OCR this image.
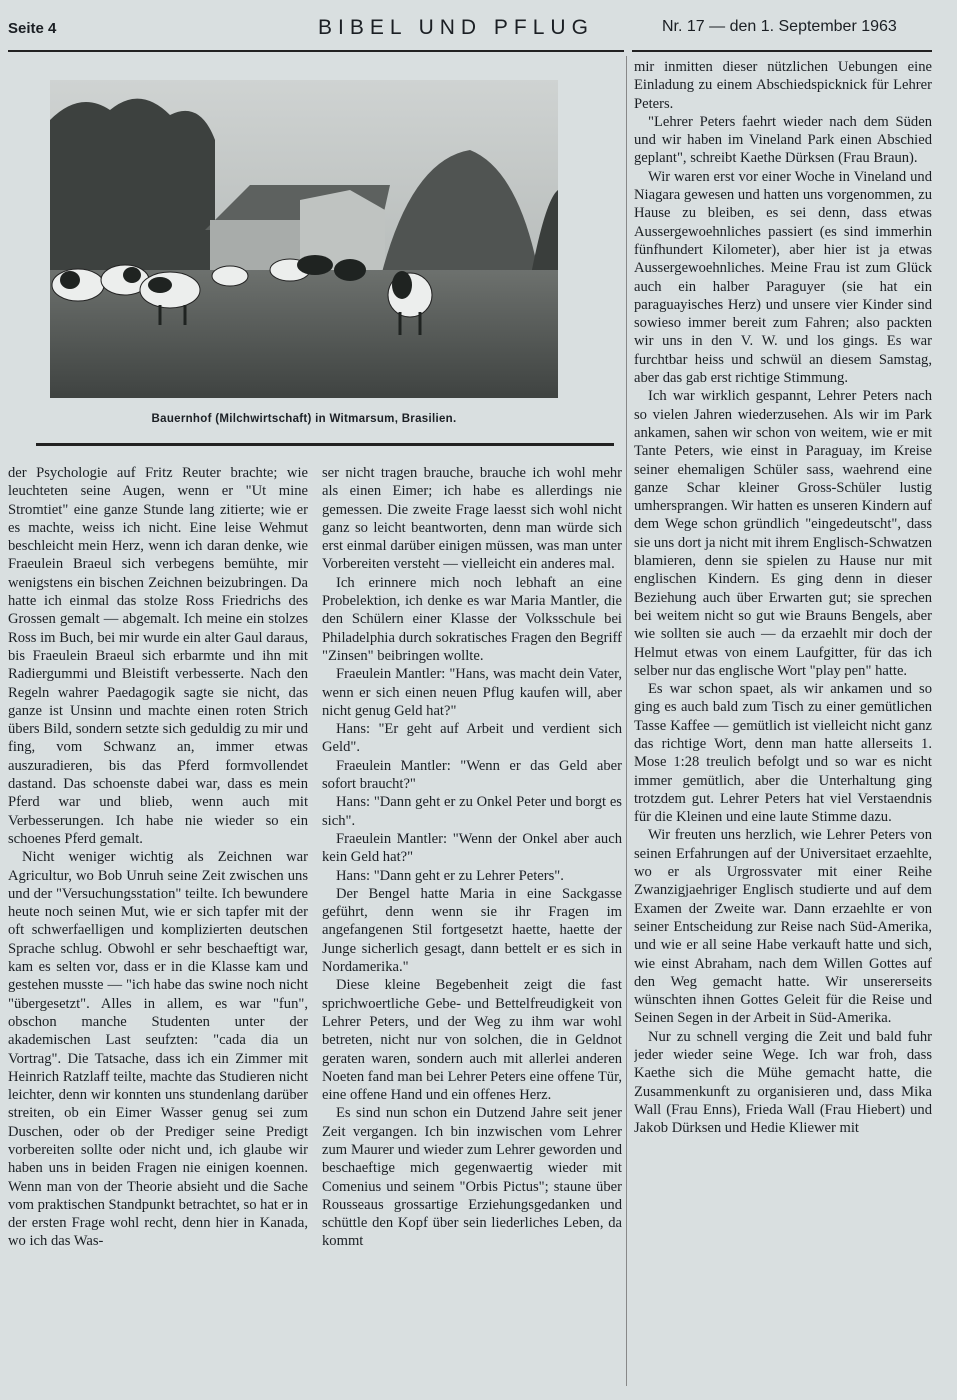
Seite 4	BIBEL UND PFLUG	Nr. 17 — den 1. September 1963
Bauernhof (Milchwirtschaft) in Witmarsum, Brasilien.

der Psychologie auf Fritz Reuter brachte; wie leuchteten seine Augen, wenn er "Ut mine Stromtiet" eine ganze Stunde lang zitierte; wie er es machte, weiss ich nicht. Eine leise Wehmut beschleicht mein Herz, wenn ich daran denke, wie Fraeulein Braeul sich verbegens bemühte, mir wenigstens ein bischen Zeichnen beizubringen. Da hatte ich einmal das stolze Ross Friedrichs des Grossen gemalt — abgemalt. Ich meine ein stolzes Ross im Buch, bei mir wurde ein alter Gaul daraus, bis Fraeulein Braeul sich erbarmte und ihn mit Radiergummi und Bleistift verbesserte. Nach den Regeln wahrer Paedagogik sagte sie nicht, das ganze ist Unsinn und machte einen roten Strich übers Bild, sondern setzte sich geduldig zu mir und fing, vom Schwanz an, immer etwas auszuradieren, bis das Pferd formvollendet dastand. Das schoenste dabei war, dass es mein Pferd war und blieb, wenn auch mit Verbesserungen. Ich habe nie wieder so ein schoenes Pferd gemalt.

Nicht weniger wichtig als Zeichnen war Agricultur, wo Bob Unruh seine Zeit zwischen uns und der "Versuchungsstation" teilte. Ich bewundere heute noch seinen Mut, wie er sich tapfer mit der oft schwerfaelligen und komplizierten deutschen Sprache schlug. Obwohl er sehr beschaeftigt war, kam es selten vor, dass er in die Klasse kam und gestehen musste — "ich habe das swine noch nicht "übergesetzt". Alles in allem, es war "fun", obschon manche Studenten unter der akademischen Last seufzten: "cada dia un Vortrag". Die Tatsache, dass ich ein Zimmer mit Heinrich Ratzlaff teilte, machte das Studieren nicht leichter, denn wir konnten uns stundenlang darüber streiten, ob ein Eimer Wasser genug sei zum Duschen, oder ob der Prediger seine Predigt vorbereiten sollte oder nicht und, ich glaube wir haben uns in beiden Fragen nie einigen koennen. Wenn man von der Theorie absieht und die Sache vom praktischen Standpunkt betrachtet, so hat er in der ersten Frage wohl recht, denn hier in Kanada, wo ich das Was-

ser nicht tragen brauche, brauche ich wohl mehr als einen Eimer; ich habe es allerdings nie gemessen. Die zweite Frage laesst sich wohl nicht ganz so leicht beantworten, denn man würde sich erst einmal darüber einigen müssen, was man unter Vorbereiten versteht — vielleicht ein anderes mal.

Ich erinnere mich noch lebhaft an eine Probelektion, ich denke es war Maria Mantler, die den Schülern einer Klasse der Volksschule bei Philadelphia durch sokratisches Fragen den Begriff "Zinsen" beibringen wollte.

Fraeulein Mantler: "Hans, was macht dein Vater, wenn er sich einen neuen Pflug kaufen will, aber nicht genug Geld hat?"

Hans: "Er geht auf Arbeit und verdient sich Geld".

Fraeulein Mantler: "Wenn er das Geld aber sofort braucht?"

Hans: "Dann geht er zu Onkel Peter und borgt es sich".

Fraeulein Mantler: "Wenn der Onkel aber auch kein Geld hat?"

Hans: "Dann geht er zu Lehrer Peters".

Der Bengel hatte Maria in eine Sackgasse geführt, denn wenn sie ihr Fragen im angefangenen Stil fortgesetzt haette, haette der Junge sicherlich gesagt, dann bettelt er es sich in Nordamerika."

Diese kleine Begebenheit zeigt die fast sprichwoertliche Gebe- und Bettelfreudigkeit von Lehrer Peters, und der Weg zu ihm war wohl betreten, nicht nur von solchen, die in Geldnot geraten waren, sondern auch mit allerlei anderen Noeten fand man bei Lehrer Peters eine offene Tür, eine offene Hand und ein offenes Herz.

Es sind nun schon ein Dutzend Jahre seit jener Zeit vergangen. Ich bin inzwischen vom Lehrer zum Maurer und wieder zum Lehrer geworden und beschaeftige mich gegenwaertig wieder mit Comenius und seinem "Orbis Pictus"; staune über Rousseaus grossartige Erziehungsgedanken und schüttle den Kopf über sein liederliches Leben, da kommt

mir inmitten dieser nützlichen Uebungen eine Einladung zu einem Abschiedspicknick für Lehrer Peters.

"Lehrer Peters faehrt wieder nach dem Süden und wir haben im Vineland Park einen Abschied geplant", schreibt Kaethe Dürksen (Frau Braun).

Wir waren erst vor einer Woche in Vineland und Niagara gewesen und hatten uns vorgenommen, zu Hause zu bleiben, es sei denn, dass etwas Aussergewoehnliches passiert (es sind immerhin fünfhundert Kilometer), aber hier ist ja etwas Aussergewoehnliches. Meine Frau ist zum Glück auch ein halber Paraguyer (sie hat ein paraguayisches Herz) und unsere vier Kinder sind sowieso immer bereit zum Fahren; also packten wir uns in den V. W. und los gings. Es war furchtbar heiss und schwül an diesem Samstag, aber das gab erst richtige Stimmung.

Ich war wirklich gespannt, Lehrer Peters nach so vielen Jahren wiederzusehen. Als wir im Park ankamen, sahen wir schon von weitem, wie er mit Tante Peters, wie einst in Paraguay, im Kreise seiner ehemaligen Schüler sass, waehrend eine ganze Schar kleiner Gross-Schüler lustig umhersprangen. Wir hatten es unseren Kindern auf dem Wege schon gründlich "eingedeutscht", dass sie uns dort ja nicht mit ihrem Englisch-Schwatzen blamieren, denn sie spielen zu Hause nur mit englischen Kindern. Es ging denn in dieser Beziehung auch über Erwarten gut; sie sprechen bei weitem nicht so gut wie Brauns Bengels, aber wie sollten sie auch — da erzaehlt mir doch der Helmut etwas von einem Laufgitter, für das ich selber nur das englische Wort "play pen" hatte.

Es war schon spaet, als wir ankamen und so ging es auch bald zum Tisch zu einer gemütlichen Tasse Kaffee — gemütlich ist vielleicht nicht ganz das richtige Wort, denn man hatte allerseits 1. Mose 1:28 treulich befolgt und so war es nicht immer gemütlich, aber die Unterhaltung ging trotzdem gut. Lehrer Peters hat viel Verstaendnis für die Kleinen und eine laute Stimme dazu.

Wir freuten uns herzlich, wie Lehrer Peters von seinen Erfahrungen auf der Universitaet erzaehlte, wo er als Urgrossvater mit einer Reihe Zwanzigjaehriger Englisch studierte und auf dem Examen der Zweite war. Dann erzaehlte er von seiner Entscheidung zur Reise nach Süd-Amerika, und wie er all seine Habe verkauft hatte und sich, wie einst Abraham, nach dem Willen Gottes auf den Weg gemacht hatte. Wir unsererseits wünschten ihnen Gottes Geleit für die Reise und Seinen Segen in der Arbeit in Süd-Amerika.

Nur zu schnell verging die Zeit und bald fuhr jeder wieder seine Wege. Ich war froh, dass Kaethe sich die Mühe gemacht hatte, die Zusammenkunft zu organisieren und, dass Mika Wall (Frau Enns), Frieda Wall (Frau Hiebert) und Jakob Dürksen und Hedie Kliewer mit
